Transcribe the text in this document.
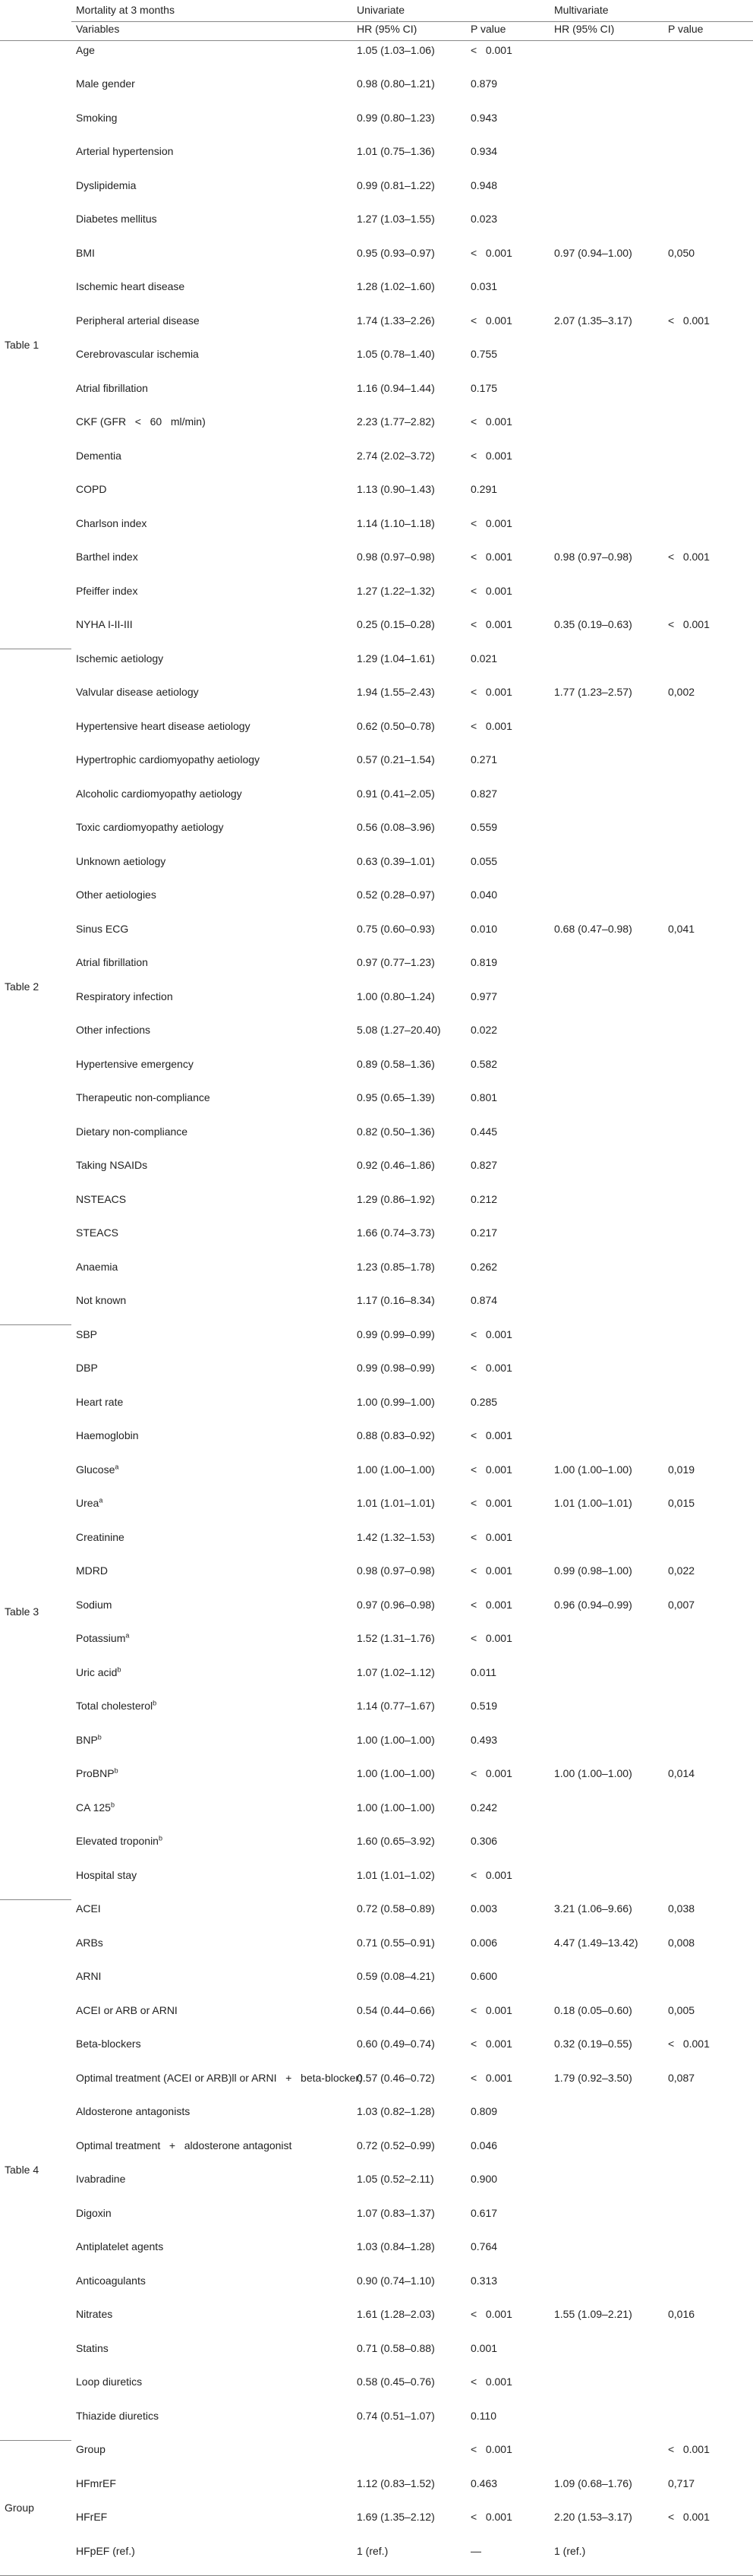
	Mortality at 3 months	Univariate		Multivariate	
	Variables	HR (95% CI)	P value	HR (95% CI)	P value
Table 1	Age	1.05 (1.03–1.06)	<   0.001		
	Male gender	0.98 (0.80–1.21)	0.879		
	Smoking	0.99 (0.80–1.23)	0.943		
	Arterial hypertension	1.01 (0.75–1.36)	0.934		
	Dyslipidemia	0.99 (0.81–1.22)	0.948		
	Diabetes mellitus	1.27 (1.03–1.55)	0.023		
	BMI	0.95 (0.93–0.97)	<   0.001	0.97 (0.94–1.00)	0,050
	Ischemic heart disease	1.28 (1.02–1.60)	0.031		
	Peripheral arterial disease	1.74 (1.33–2.26)	<   0.001	2.07 (1.35–3.17)	<   0.001
	Cerebrovascular ischemia	1.05 (0.78–1.40)	0.755		
	Atrial fibrillation	1.16 (0.94–1.44)	0.175		
	CKF (GFR   <   60   ml/min)	2.23 (1.77–2.82)	<   0.001		
	Dementia	2.74 (2.02–3.72)	<   0.001		
	COPD	1.13 (0.90–1.43)	0.291		
	Charlson index	1.14 (1.10–1.18)	<   0.001		
	Barthel index	0.98 (0.97–0.98)	<   0.001	0.98 (0.97–0.98)	<   0.001
	Pfeiffer index	1.27 (1.22–1.32)	<   0.001		
	NYHA I-II-III	0.25 (0.15–0.28)	<   0.001	0.35 (0.19–0.63)	<   0.001
Table 2	Ischemic aetiology	1.29 (1.04–1.61)	0.021		
	Valvular disease aetiology	1.94 (1.55–2.43)	<   0.001	1.77 (1.23–2.57)	0,002
	Hypertensive heart disease aetiology	0.62 (0.50–0.78)	<   0.001		
	Hypertrophic cardiomyopathy aetiology	0.57 (0.21–1.54)	0.271		
	Alcoholic cardiomyopathy aetiology	0.91 (0.41–2.05)	0.827		
	Toxic cardiomyopathy aetiology	0.56 (0.08–3.96)	0.559		
	Unknown aetiology	0.63 (0.39–1.01)	0.055		
	Other aetiologies	0.52 (0.28–0.97)	0.040		
	Sinus ECG	0.75 (0.60–0.93)	0.010	0.68 (0.47–0.98)	0,041
	Atrial fibrillation	0.97 (0.77–1.23)	0.819		
	Respiratory infection	1.00 (0.80–1.24)	0.977		
	Other infections	5.08 (1.27–20.40)	0.022		
	Hypertensive emergency	0.89 (0.58–1.36)	0.582		
	Therapeutic non-compliance	0.95 (0.65–1.39)	0.801		
	Dietary non-compliance	0.82 (0.50–1.36)	0.445		
	Taking NSAIDs	0.92 (0.46–1.86)	0.827		
	NSTEACS	1.29 (0.86–1.92)	0.212		
	STEACS	1.66 (0.74–3.73)	0.217		
	Anaemia	1.23 (0.85–1.78)	0.262		
	Not known	1.17 (0.16–8.34)	0.874		
Table 3	SBP	0.99 (0.99–0.99)	<   0.001		
	DBP	0.99 (0.98–0.99)	<   0.001		
	Heart rate	1.00 (0.99–1.00)	0.285		
	Haemoglobin	0.88 (0.83–0.92)	<   0.001		
	Glucose$^a$	1.00 (1.00–1.00)	<   0.001	1.00 (1.00–1.00)	0,019
	Urea$^a$	1.01 (1.01–1.01)	<   0.001	1.01 (1.00–1.01)	0,015
	Creatinine	1.42 (1.32–1.53)	<   0.001		
	MDRD	0.98 (0.97–0.98)	<   0.001	0.99 (0.98–1.00)	0,022
	Sodium	0.97 (0.96–0.98)	<   0.001	0.96 (0.94–0.99)	0,007
	Potassium$^a$	1.52 (1.31–1.76)	<   0.001		
	Uric acid$^b$	1.07 (1.02–1.12)	0.011		
	Total cholesterol$^b$	1.14 (0.77–1.67)	0.519		
	BNP$^b$	1.00 (1.00–1.00)	0.493		
	ProBNP$^b$	1.00 (1.00–1.00)	<   0.001	1.00 (1.00–1.00)	0,014
	CA 125$^b$	1.00 (1.00–1.00)	0.242		
	Elevated troponin$^b$	1.60 (0.65–3.92)	0.306		
	Hospital stay	1.01 (1.01–1.02)	<   0.001		
Table 4	ACEI	0.72 (0.58–0.89)	0.003	3.21 (1.06–9.66)	0,038
	ARBs	0.71 (0.55–0.91)	0.006	4.47 (1.49–13.42)	0,008
	ARNI	0.59 (0.08–4.21)	0.600		
	ACEI or ARB or ARNI	0.54 (0.44–0.66)	<   0.001	0.18 (0.05–0.60)	0,005
	Beta-blockers	0.60 (0.49–0.74)	<   0.001	0.32 (0.19–0.55)	<   0.001
	Optimal treatment (ACEI or ARB)ll or ARNI   +   beta-blocker)	0.57 (0.46–0.72)	<   0.001	1.79 (0.92–3.50)	0,087
	Aldosterone antagonists	1.03 (0.82–1.28)	0.809		
	Optimal treatment   +   aldosterone antagonist	0.72 (0.52–0.99)	0.046		
	Ivabradine	1.05 (0.52–2.11)	0.900		
	Digoxin	1.07 (0.83–1.37)	0.617		
	Antiplatelet agents	1.03 (0.84–1.28)	0.764		
	Anticoagulants	0.90 (0.74–1.10)	0.313		
	Nitrates	1.61 (1.28–2.03)	<   0.001	1.55 (1.09–2.21)	0,016
	Statins	0.71 (0.58–0.88)	0.001		
	Loop diuretics	0.58 (0.45–0.76)	<   0.001		
	Thiazide diuretics	0.74 (0.51–1.07)	0.110		
Group	Group		<   0.001		<   0.001
	HFmrEF	1.12 (0.83–1.52)	0.463	1.09 (0.68–1.76)	0,717
	HFrEF	1.69 (1.35–2.12)	<   0.001	2.20 (1.53–3.17)	<   0.001
	HFpEF (ref.)	1 (ref.)	—	1 (ref.)	
